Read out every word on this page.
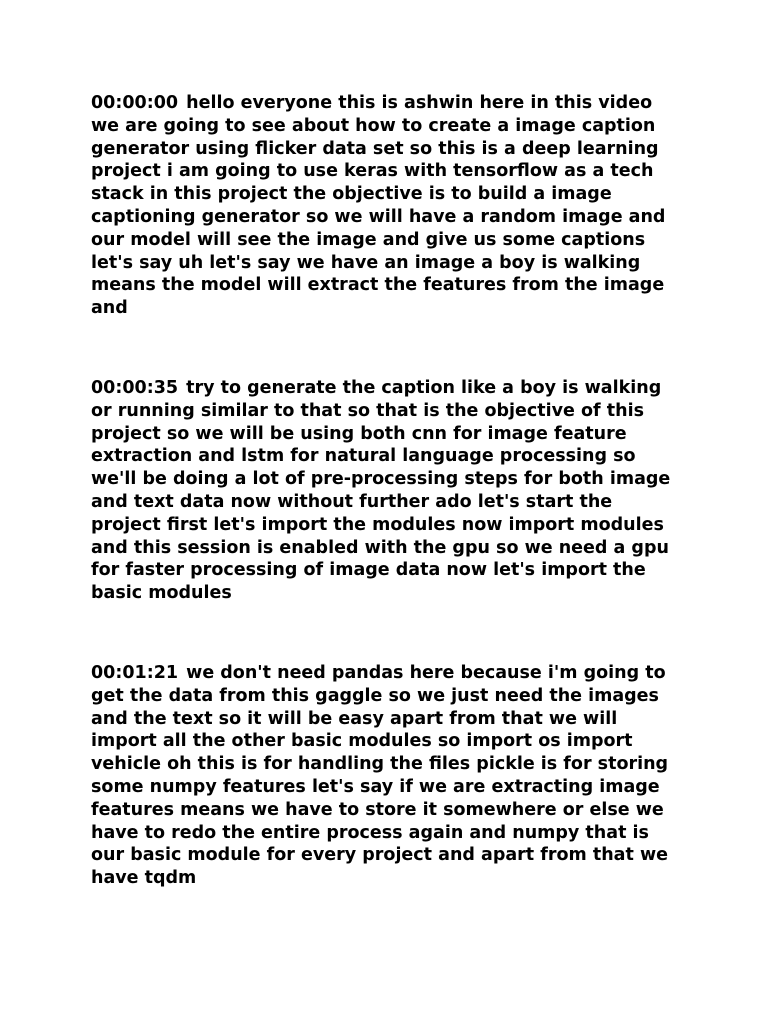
00:00:00 hello everyone this is ashwin here in this video
we are going to see about how to create a image caption
generator using flicker data set so this is a deep learning
project i am going to use keras with tensorflow as a tech
stack in this project the objective is to build a image
captioning generator so we will have a random image and
our model will see the image and give us some captions
let's say uh let's say we have an image a boy is walking
means the model will extract the features from the image
and

00:00:35 try to generate the caption like a boy is walking
or running similar to that so that is the objective of this
project so we will be using both cnn for image feature
extraction and lstm for natural language processing so
we'll be doing a lot of pre-processing steps for both image
and text data now without further ado let's start the
project first let's import the modules now import modules
and this session is enabled with the gpu so we need a gpu
for faster processing of image data now let's import the
basic modules

00:01:21 we don't need pandas here because i'm going to
get the data from this gaggle so we just need the images
and the text so it will be easy apart from that we will
import all the other basic modules so import os import
vehicle oh this is for handling the files pickle is for storing
some numpy features let's say if we are extracting image
features means we have to store it somewhere or else we
have to redo the entire process again and numpy that is
our basic module for every project and apart from that we
have tqdm
